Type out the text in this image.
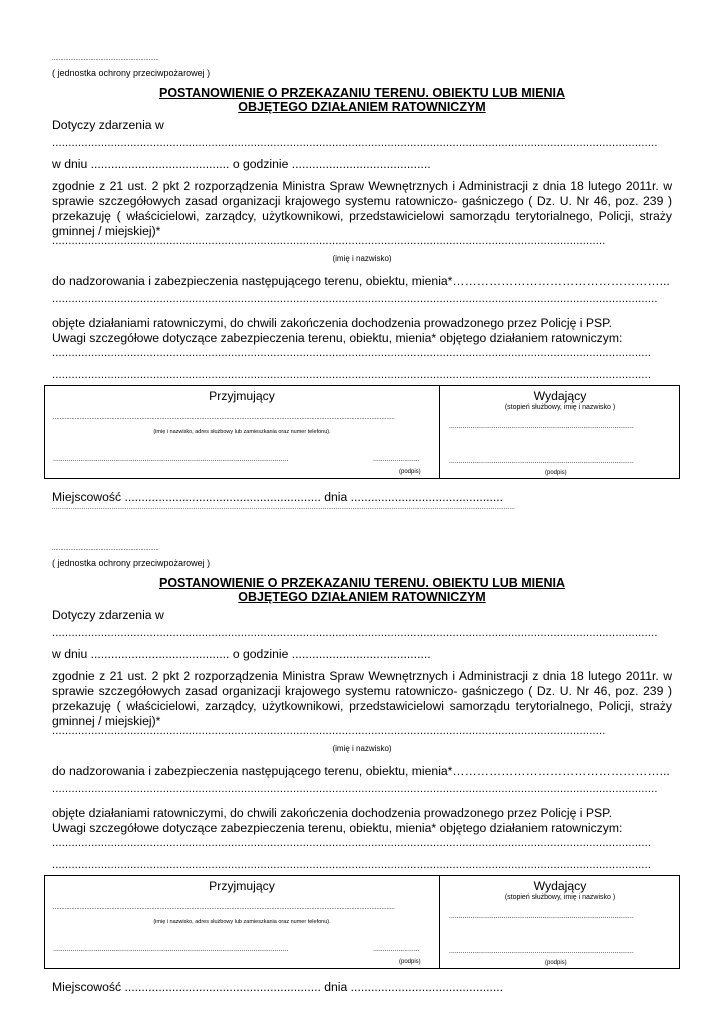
................................................................
( jednostka ochrony przeciwpożarowej )
POSTANOWIENIE O PRZEKAZANIU TERENU. OBIEKTU LUB MIENIA
OBJĘTEGO DZIAŁANIEM RATOWNICZYM
Dotyczy zdarzenia w
..........................................................................................................................................................................................
w dniu ......................................... o godzinie .........................................
zgodnie z 21 ust. 2 pkt 2 rozporządzenia Ministra Spraw Wewnętrznych i Administracji z dnia 18 lutego 2011r. w sprawie szczegółowych zasad organizacji krajowego systemu ratowniczo- gaśniczego ( Dz. U. Nr 46, poz. 239 ) przekazuję ( właścicielowi, zarządcy, użytkownikowi, przedstawicielowi samorządu terytorialnego, Policji, straży gminnej / miejskiej)*
..........................................................................................................................................................................
(imię i nazwisko)
do nadzorowania i zabezpieczenia następującego terenu, obiektu, mienia*……………………………………………...
..........................................................................................................................................................................................
objęte działaniami ratowniczymi, do chwili zakończenia dochodzenia prowadzonego przez Policję i PSP.
Uwagi szczegółowe dotyczące zabezpieczenia terenu, obiektu, mienia* objętego działaniem ratowniczym:
........................................................................................................................................................................................
........................................................................................................................................................................................
Przyjmujący
.............................................................................................................................................................................................................
(imię i nazwisko, adres służbowy lub zamieszkania oraz numer telefonu).
.........................................................................................................................	........................
(podpis)
Wydający
(stopień służbowy, imię i nazwisko )
...............................................................................................
...............................................................................................
(podpis)
Miejscowość .......................................................... dnia .............................................
........................................................................................................................................................................................................................................................
................................................................
( jednostka ochrony przeciwpożarowej )
POSTANOWIENIE O PRZEKAZANIU TERENU. OBIEKTU LUB MIENIA
OBJĘTEGO DZIAŁANIEM RATOWNICZYM
Dotyczy zdarzenia w
..........................................................................................................................................................................................
w dniu ......................................... o godzinie .........................................
zgodnie z 21 ust. 2 pkt 2 rozporządzenia Ministra Spraw Wewnętrznych i Administracji z dnia 18 lutego 2011r. w sprawie szczegółowych zasad organizacji krajowego systemu ratowniczo- gaśniczego ( Dz. U. Nr 46, poz. 239 ) przekazuję ( właścicielowi, zarządcy, użytkownikowi, przedstawicielowi samorządu terytorialnego, Policji, straży gminnej / miejskiej)*
..........................................................................................................................................................................
(imię i nazwisko)
do nadzorowania i zabezpieczenia następującego terenu, obiektu, mienia*……………………………………………...
..........................................................................................................................................................................................
objęte działaniami ratowniczymi, do chwili zakończenia dochodzenia prowadzonego przez Policję i PSP.
Uwagi szczegółowe dotyczące zabezpieczenia terenu, obiektu, mienia* objętego działaniem ratowniczym:
........................................................................................................................................................................................
........................................................................................................................................................................................
Przyjmujący
.............................................................................................................................................................................................................
(imię i nazwisko, adres służbowy lub zamieszkania oraz numer telefonu).
.........................................................................................................................	........................
(podpis)
Wydający
(stopień służbowy, imię i nazwisko )
...............................................................................................
...............................................................................................
(podpis)
Miejscowość .......................................................... dnia .............................................
